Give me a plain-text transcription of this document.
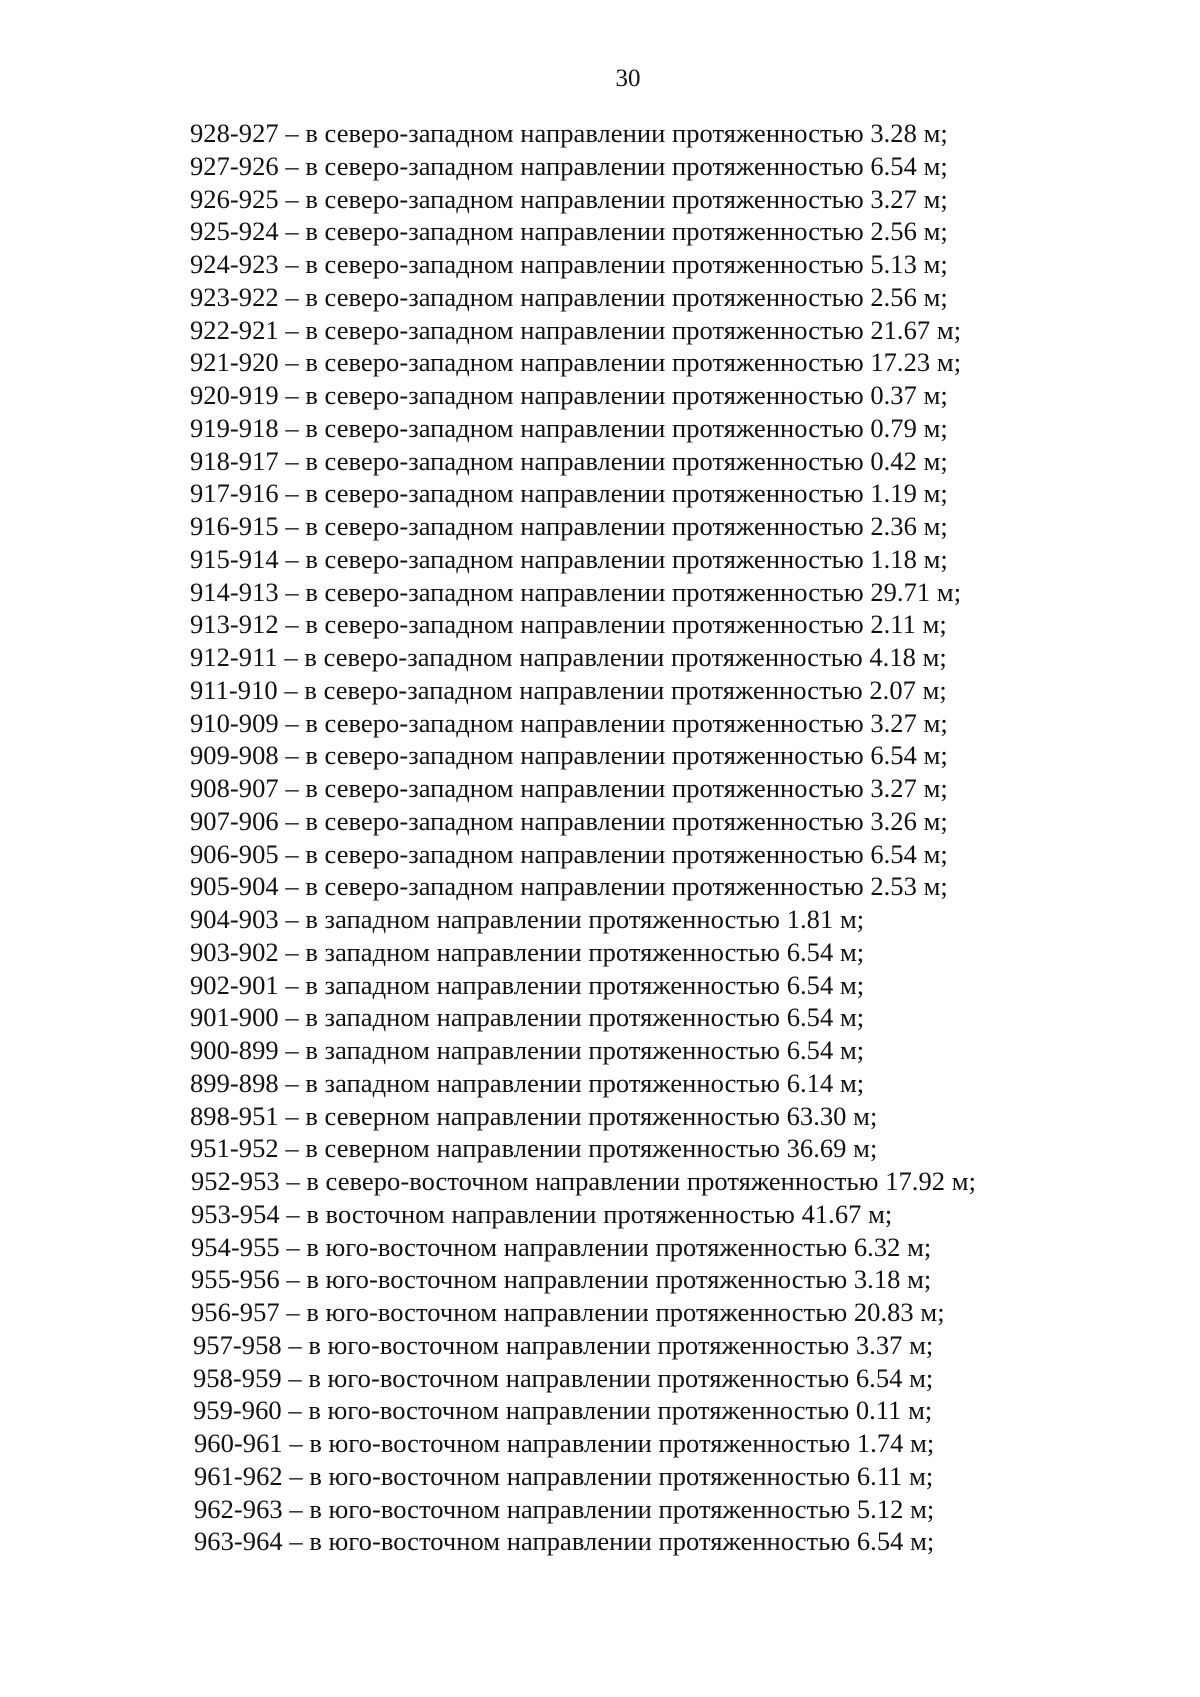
30
928-927 – в северо-западном направлении протяженностью 3.28 м;
927-926 – в северо-западном направлении протяженностью 6.54 м;
926-925 – в северо-западном направлении протяженностью 3.27 м;
925-924 – в северо-западном направлении протяженностью 2.56 м;
924-923 – в северо-западном направлении протяженностью 5.13 м;
923-922 – в северо-западном направлении протяженностью 2.56 м;
922-921 – в северо-западном направлении протяженностью 21.67 м;
921-920 – в северо-западном направлении протяженностью 17.23 м;
920-919 – в северо-западном направлении протяженностью 0.37 м;
919-918 – в северо-западном направлении протяженностью 0.79 м;
918-917 – в северо-западном направлении протяженностью 0.42 м;
917-916 – в северо-западном направлении протяженностью 1.19 м;
916-915 – в северо-западном направлении протяженностью 2.36 м;
915-914 – в северо-западном направлении протяженностью 1.18 м;
914-913 – в северо-западном направлении протяженностью 29.71 м;
913-912 – в северо-западном направлении протяженностью 2.11 м;
912-911 – в северо-западном направлении протяженностью 4.18 м;
911-910 – в северо-западном направлении протяженностью 2.07 м;
910-909 – в северо-западном направлении протяженностью 3.27 м;
909-908 – в северо-западном направлении протяженностью 6.54 м;
908-907 – в северо-западном направлении протяженностью 3.27 м;
907-906 – в северо-западном направлении протяженностью 3.26 м;
906-905 – в северо-западном направлении протяженностью 6.54 м;
905-904 – в северо-западном направлении протяженностью 2.53 м;
904-903 – в западном направлении протяженностью 1.81 м;
903-902 – в западном направлении протяженностью 6.54 м;
902-901 – в западном направлении протяженностью 6.54 м;
901-900 – в западном направлении протяженностью 6.54 м;
900-899 – в западном направлении протяженностью 6.54 м;
899-898 – в западном направлении протяженностью 6.14 м;
898-951 – в северном направлении протяженностью 63.30 м;
951-952 – в северном направлении протяженностью 36.69 м;
952-953 – в северо-восточном направлении протяженностью 17.92 м;
953-954 – в восточном направлении протяженностью 41.67 м;
954-955 – в юго-восточном направлении протяженностью 6.32 м;
955-956 – в юго-восточном направлении протяженностью 3.18 м;
956-957 – в юго-восточном направлении протяженностью 20.83 м;
957-958 – в юго-восточном направлении протяженностью 3.37 м;
958-959 – в юго-восточном направлении протяженностью 6.54 м;
959-960 – в юго-восточном направлении протяженностью 0.11 м;
960-961 – в юго-восточном направлении протяженностью 1.74 м;
961-962 – в юго-восточном направлении протяженностью 6.11 м;
962-963 – в юго-восточном направлении протяженностью 5.12 м;
963-964 – в юго-восточном направлении протяженностью 6.54 м;
